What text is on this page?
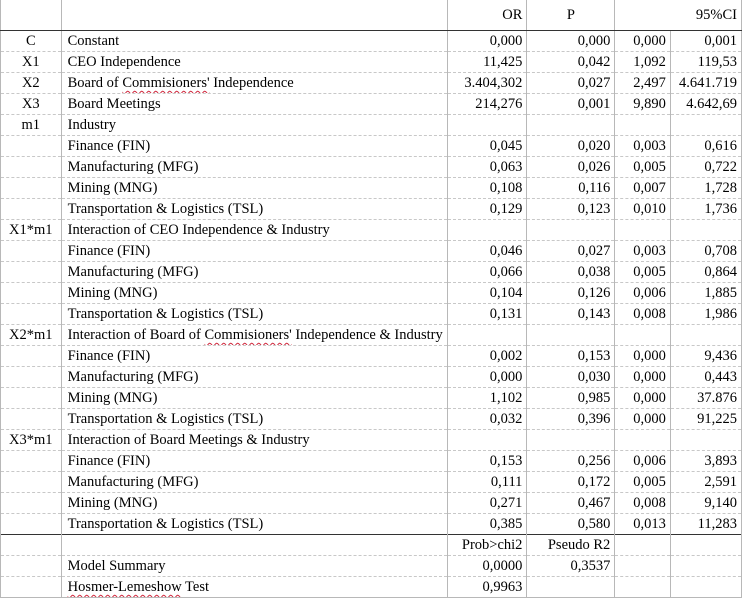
		OR	P	95%CI	
C	Constant	0,000	0,000	0,000	0,001
X1	CEO Independence	11,425	0,042	1,092	119,53
X2	Board of Commisioners' Independence	3.404,302	0,027	2,497	4.641.719
X3	Board Meetings	214,276	0,001	9,890	4.642,69
m1	Industry				
	Finance (FIN)	0,045	0,020	0,003	0,616
	Manufacturing (MFG)	0,063	0,026	0,005	0,722
	Mining (MNG)	0,108	0,116	0,007	1,728
	Transportation & Logistics (TSL)	0,129	0,123	0,010	1,736
X1*m1	Interaction of CEO Independence & Industry				
	Finance (FIN)	0,046	0,027	0,003	0,708
	Manufacturing (MFG)	0,066	0,038	0,005	0,864
	Mining (MNG)	0,104	0,126	0,006	1,885
	Transportation & Logistics (TSL)	0,131	0,143	0,008	1,986
X2*m1	Interaction of Board of Commisioners' Independence & Industry				
	Finance (FIN)	0,002	0,153	0,000	9,436
	Manufacturing (MFG)	0,000	0,030	0,000	0,443
	Mining (MNG)	1,102	0,985	0,000	37.876
	Transportation & Logistics (TSL)	0,032	0,396	0,000	91,225
X3*m1	Interaction of Board Meetings & Industry				
	Finance (FIN)	0,153	0,256	0,006	3,893
	Manufacturing (MFG)	0,111	0,172	0,005	2,591
	Mining (MNG)	0,271	0,467	0,008	9,140
	Transportation & Logistics (TSL)	0,385	0,580	0,013	11,283
		Prob>chi2	Pseudo R2		
	Model Summary	0,0000	0,3537		
	Hosmer-Lemeshow Test	0,9963			
